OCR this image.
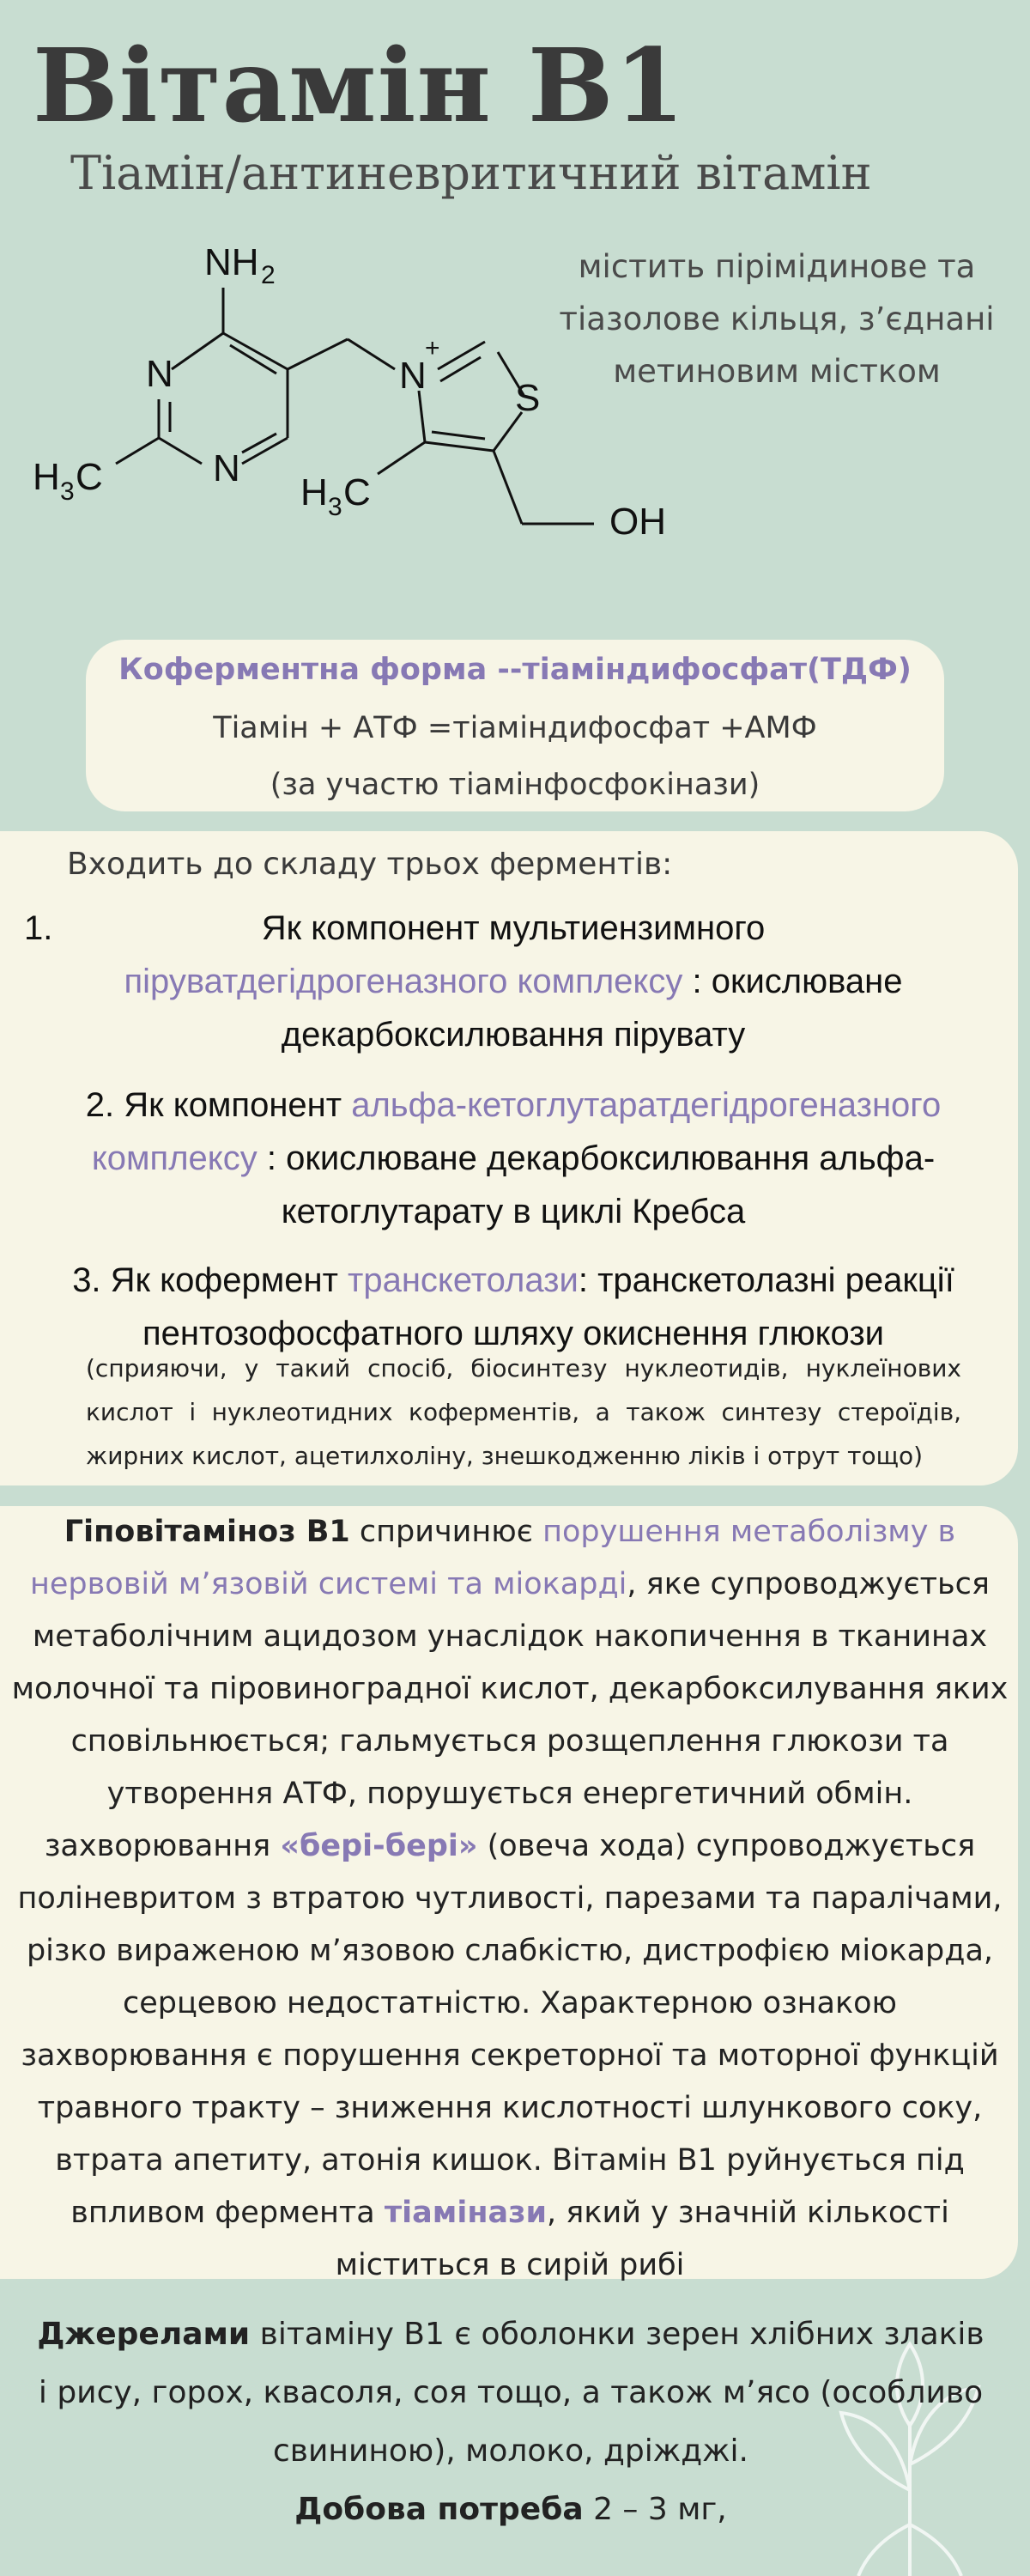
Вітамін В1
Тіамін/антиневритичний вітамін
NH 2
N
N
N
+
S
OH
H 3 C	H 3 C
містить пірімідинове та тіазолове кільця, з’єднані метиновим містком
Коферментна форма --тіаміндифосфат(ТДФ)
Тіамін + АТФ =тіаміндифосфат +АМФ
(за участю тіамінфосфокінази)
Входить до складу трьох ферментів:
1.	Як компонент мультиензимного
піруватдегідрогеназного комплексу : окислюване декарбоксилювання пірувату
2. Як компонент альфа-кетоглутаратдегідрогеназного комплексу : окислюване декарбоксилювання альфа-кетоглутарату в циклі Кребса
3. Як кофермент транскетолази: транскетолазні реакції пентозофосфатного шляху окиснення глюкози
(сприяючи, у такий спосіб, біосинтезу нуклеотидів, нуклеїнових кислот і нуклеотидних коферментів, а також синтезу стероїдів,
жирних кислот, ацетилхоліну, знешкодженню ліків і отрут тощо)
Гіповітаміноз В1 спричинює порушення метаболізму в нервовій м’язовій системі та міокарді, яке супроводжується метаболічним ацидозом унаслідок накопичення в тканинах молочної та піровиноградної кислот, декарбоксилування яких сповільнюється; гальмується розщеплення глюкози та утворення АТФ, порушується енергетичний обмін. захворювання «бері-бері» (овеча хода) супроводжується поліневритом з втратою чутливості, парезами та паралічами, різко вираженою м’язовою слабкістю, дистрофією міокарда, серцевою недостатністю. Характерною ознакою захворювання є порушення секреторної та моторної функцій травного тракту – зниження кислотності шлункового соку, втрата апетиту, атонія кишок. Вітамін В1 руйнується під впливом фермента тіамінази, який у значній кількості міститься в сирій рибі
Джерелами вітаміну В1 є оболонки зерен хлібних злаків і рису, горох, квасоля, соя тощо, а також м’ясо (особливо свининою), молоко, дріжджі.
Добова потреба 2 – 3 мг,
